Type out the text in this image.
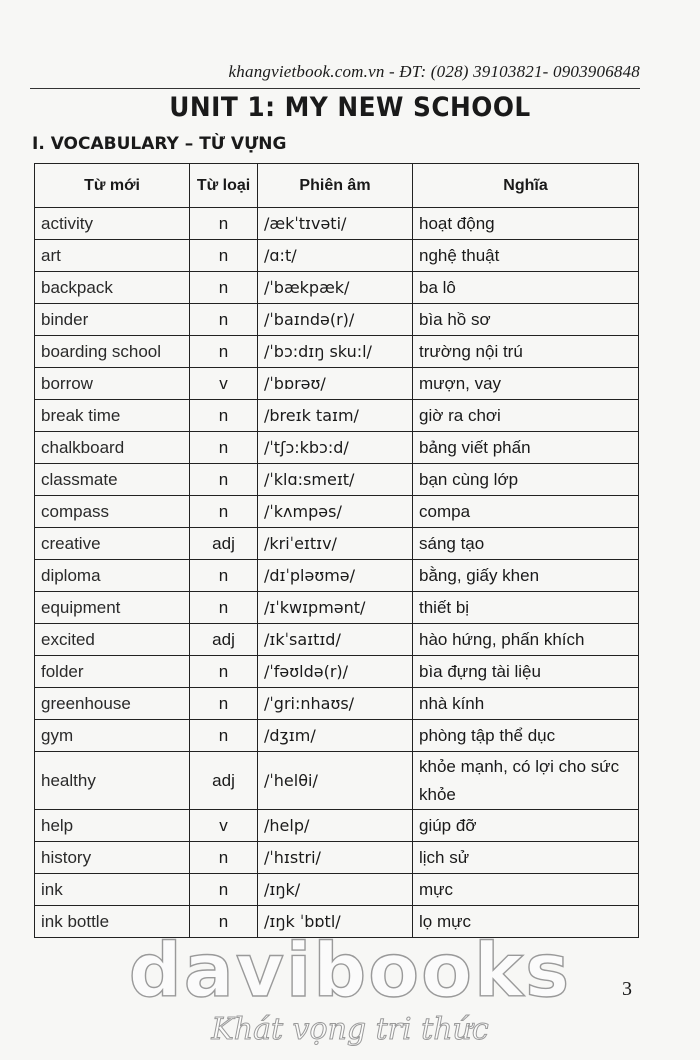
khangvietbook.com.vn - ĐT: (028) 39103821- 0903906848
UNIT 1: MY NEW SCHOOL
I. VOCABULARY – TỪ VỰNG
Từ mới	Từ loại	Phiên âm	Nghĩa
activity	n	/ækˈtɪvəti/	hoạt động
art	n	/ɑ:t/	nghệ thuật
backpack	n	/ˈbækpæk/	ba lô
binder	n	/ˈbaɪndə(r)/	bìa hồ sơ
boarding school	n	/ˈbɔ:dɪŋ sku:l/	trường nội trú
borrow	v	/ˈbɒrəʊ/	mượn, vay
break time	n	/breɪk taɪm/	giờ ra chơi
chalkboard	n	/ˈtʃɔ:kbɔ:d/	bảng viết phấn
classmate	n	/ˈklɑ:smeɪt/	bạn cùng lớp
compass	n	/ˈkʌmpəs/	compa
creative	adj	/kriˈeɪtɪv/	sáng tạo
diploma	n	/dɪˈpləʊmə/	bằng, giấy khen
equipment	n	/ɪˈkwɪpmənt/	thiết bị
excited	adj	/ɪkˈsaɪtɪd/	hào hứng, phấn khích
folder	n	/ˈfəʊldə(r)/	bìa đựng tài liệu
greenhouse	n	/ˈgri:nhaʊs/	nhà kính
gym	n	/dʒɪm/	phòng tập thể dục
healthy	adj	/ˈhelθi/	khỏe mạnh, có lợi cho sức khỏe
help	v	/help/	giúp đỡ
history	n	/ˈhɪstri/	lịch sử
ink	n	/ɪŋk/	mực
ink bottle	n	/ɪŋk ˈbɒtl/	lọ mực
3
davibooks
Khát vọng tri thức
